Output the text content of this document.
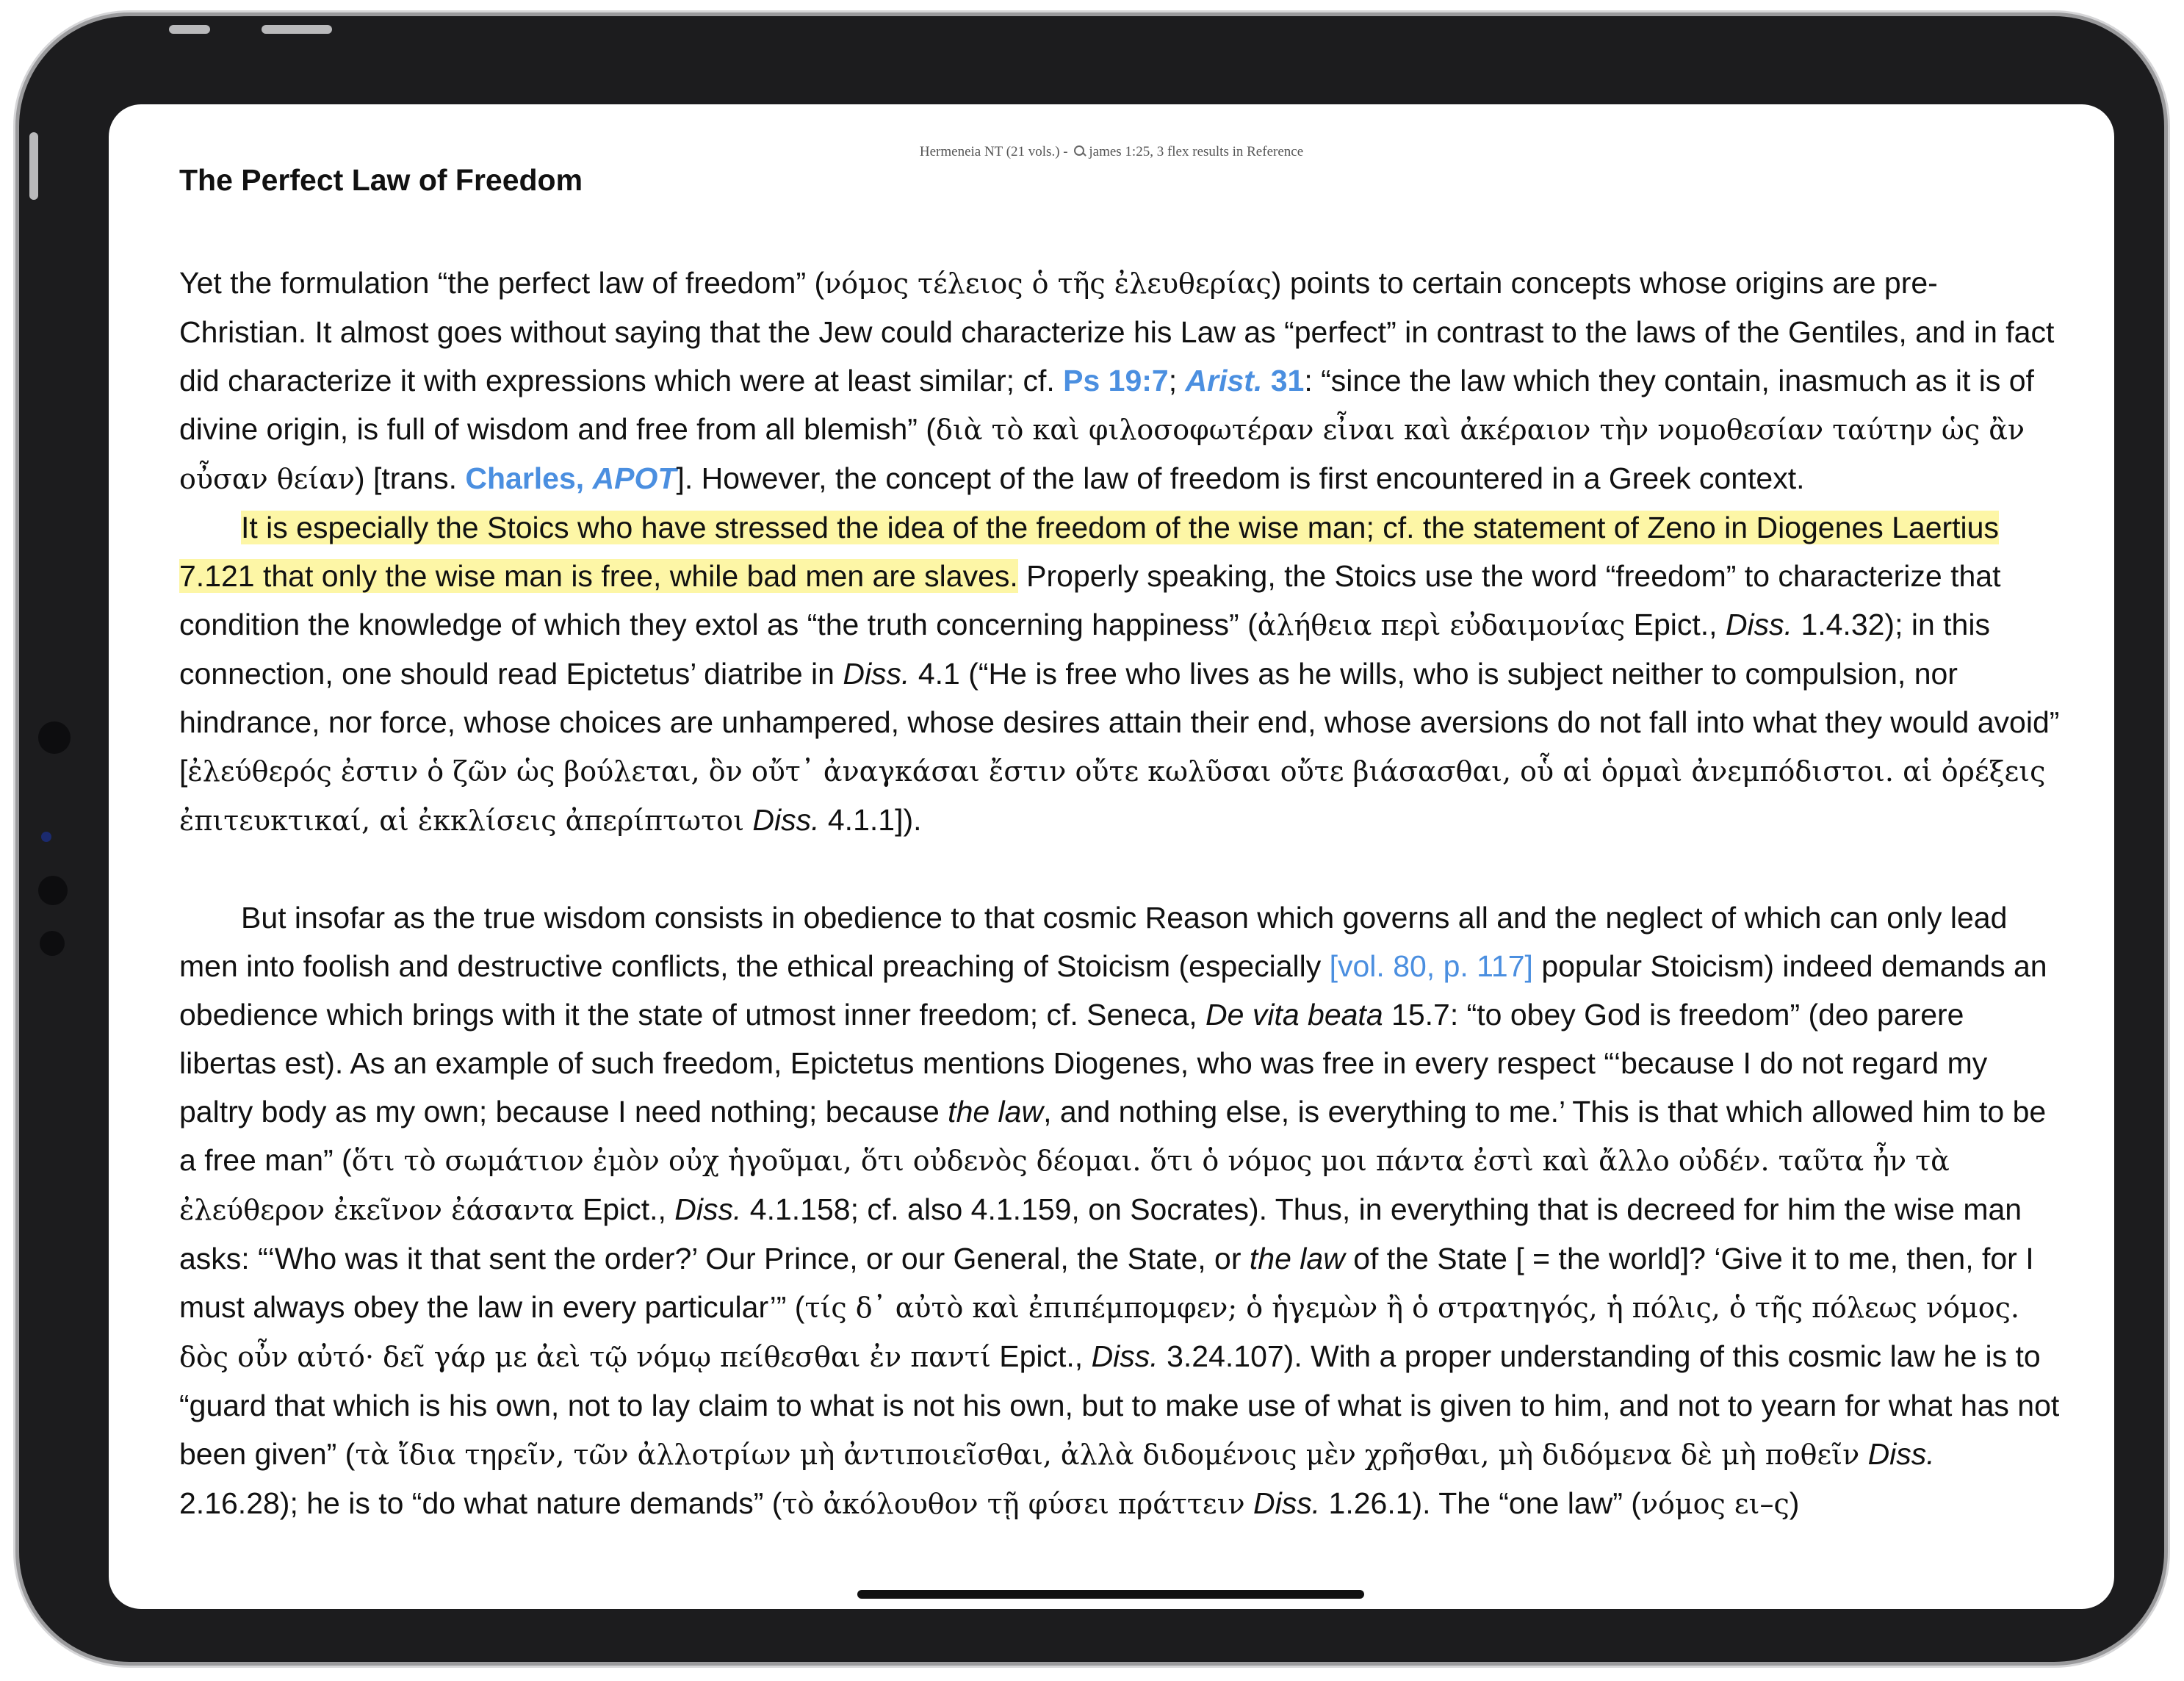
Hermeneia NT (21 vols.) - james 1:25, 3 flex results in Reference
The Perfect Law of Freedom

Yet the formulation “the perfect law of freedom” (νόμος τέλειος ὁ τῆς ἐλευθερίας) points to certain concepts whose origins are pre-Christian. It almost goes without saying that the Jew could characterize his Law as “perfect” in contrast to the laws of the Gentiles, and in fact did characterize it with expressions which were at least similar; cf. Ps 19:7; Arist. 31: “since the law which they contain, inasmuch as it is of divine origin, is full of wisdom and free from all blemish” (διὰ τὸ καὶ φιλοσοφωτέραν εἶναι καὶ ἀκέραιον τὴν νομοθεσίαν ταύτην ὡς ἂν οὖσαν θείαν) [trans. Charles, APOT]. However, the concept of the law of freedom is first encountered in a Greek context.

It is especially the Stoics who have stressed the idea of the freedom of the wise man; cf. the statement of Zeno in Diogenes Laertius 7.121 that only the wise man is free, while bad men are slaves. Properly speaking, the Stoics use the word “freedom” to characterize that condition the knowledge of which they extol as “the truth concerning happiness” (ἀλήθεια περὶ εὐδαιμονίας Epict., Diss. 1.4.32); in this connection, one should read Epictetus’ diatribe in Diss. 4.1 (“He is free who lives as he wills, who is subject neither to compulsion, nor hindrance, nor force, whose choices are unhampered, whose desires attain their end, whose aversions do not fall into what they would avoid” [ἐλεύθερός ἐστιν ὁ ζῶν ὡς βούλεται, ὃν οὔτ᾽ ἀναγκάσαι ἔστιν οὔτε κωλῦσαι οὔτε βιάσασθαι, οὗ αἱ ὁρμαὶ ἀνεμπόδιστοι. αἱ ὀρέξεις ἐπιτευκτικαί, αἱ ἐκκλίσεις ἀπερίπτωτοι Diss. 4.1.1]).

But insofar as the true wisdom consists in obedience to that cosmic Reason which governs all and the neglect of which can only lead men into foolish and destructive conflicts, the ethical preaching of Stoicism (especially [vol. 80, p. 117] popular Stoicism) indeed demands an obedience which brings with it the state of utmost inner freedom; cf. Seneca, De vita beata 15.7: “to obey God is freedom” (deo parere libertas est). As an example of such freedom, Epictetus mentions Diogenes, who was free in every respect “‘because I do not regard my paltry body as my own; because I need nothing; because the law, and nothing else, is everything to me.’ This is that which allowed him to be a free man” (ὅτι τὸ σωμάτιον ἐμὸν οὐχ ἡγοῦμαι, ὅτι οὐδενὸς δέομαι. ὅτι ὁ νόμος μοι πάντα ἐστὶ καὶ ἄλλο οὐδέν. ταῦτα ἦν τὰ ἐλεύθερον ἐκεῖνον ἐάσαντα Epict., Diss. 4.1.158; cf. also 4.1.159, on Socrates). Thus, in everything that is decreed for him the wise man asks: “‘Who was it that sent the order?’ Our Prince, or our General, the State, or the law of the State [ = the world]? ‘Give it to me, then, for I must always obey the law in every particular’” (τίς δ᾽ αὐτὸ καὶ ἐπιπέμπομφεν; ὁ ἡγεμὼν ἢ ὁ στρατηγός, ἡ πόλις, ὁ τῆς πόλεως νόμος. δὸς οὖν αὐτό· δεῖ γάρ με ἀεὶ τῷ νόμῳ πείθεσθαι ἐν παντί Epict., Diss. 3.24.107). With a proper understanding of this cosmic law he is to “guard that which is his own, not to lay claim to what is not his own, but to make use of what is given to him, and not to yearn for what has not been given” (τὰ ἴδια τηρεῖν, τῶν ἀλλοτρίων μὴ ἀντιποιεῖσθαι, ἀλλὰ διδομένοις μὲν χρῆσθαι, μὴ διδόμενα δὲ μὴ ποθεῖν Diss. 2.16.28); he is to “do what nature demands” (τὸ ἀκόλουθον τῇ φύσει πράττειν Diss. 1.26.1). The “one law” (νόμος ει–ς)
